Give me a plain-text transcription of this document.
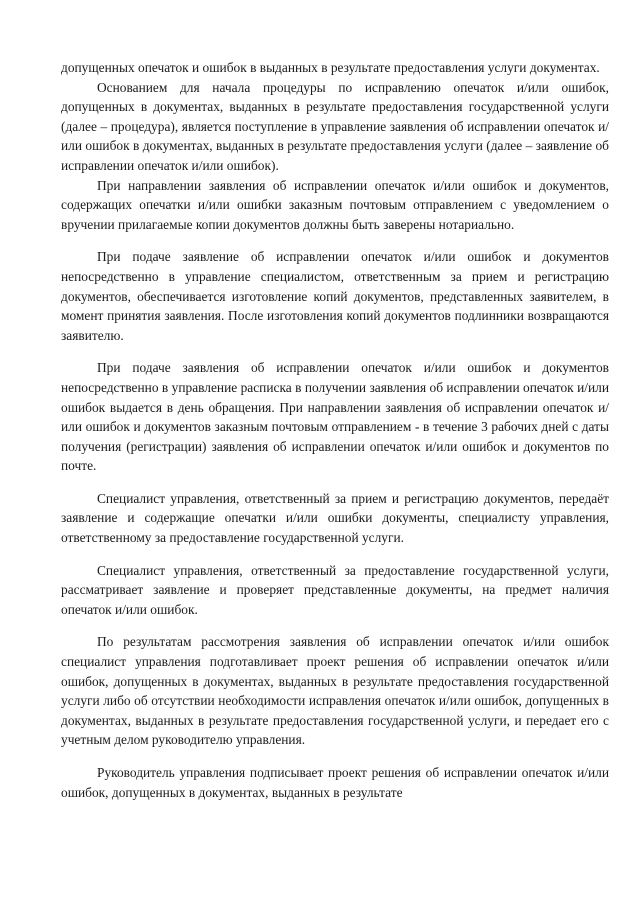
допущенных опечаток и ошибок в выданных в результате предоставления услуги документах.

Основанием для начала процедуры по исправлению опечаток и/или ошибок, допущенных в документах, выданных в результате предоставления государственной услуги (далее – процедура), является поступление в управление заявления об исправлении опечаток и/или ошибок в документах, выданных в результате предоставления услуги (далее – заявление об исправлении опечаток и/или ошибок).

При направлении заявления об исправлении опечаток и/или ошибок и документов, содержащих опечатки и/или ошибки заказным почтовым отправлением с уведомлением о вручении прилагаемые копии документов должны быть заверены нотариально.

При подаче заявление об исправлении опечаток и/или ошибок и документов непосредственно в управление специалистом, ответственным за прием и регистрацию документов, обеспечивается изготовление копий документов, представленных заявителем, в момент принятия заявления. После изготовления копий документов подлинники возвращаются заявителю.

При подаче заявления об исправлении опечаток и/или ошибок и документов непосредственно в управление расписка в получении заявления об исправлении опечаток и/или ошибок выдается в день обращения. При направлении заявления об исправлении опечаток и/или ошибок и документов заказным почтовым отправлением - в течение 3 рабочих дней с даты получения (регистрации) заявления об исправлении опечаток и/или ошибок и документов по почте.

Специалист управления, ответственный за прием и регистрацию документов, передаёт заявление и содержащие опечатки и/или ошибки документы, специалисту управления, ответственному за предоставление государственной услуги.

Специалист управления, ответственный за предоставление государственной услуги, рассматривает заявление и проверяет представленные документы, на предмет наличия опечаток и/или ошибок.

По результатам рассмотрения заявления об исправлении опечаток и/или ошибок специалист управления подготавливает проект решения об исправлении опечаток и/или ошибок, допущенных в документах, выданных в результате предоставления государственной услуги либо об отсутствии необходимости исправления опечаток и/или ошибок, допущенных в документах, выданных в результате предоставления государственной услуги, и передает его с учетным делом руководителю управления.

Руководитель управления подписывает проект решения об исправлении опечаток и/или ошибок, допущенных в документах, выданных в результате
